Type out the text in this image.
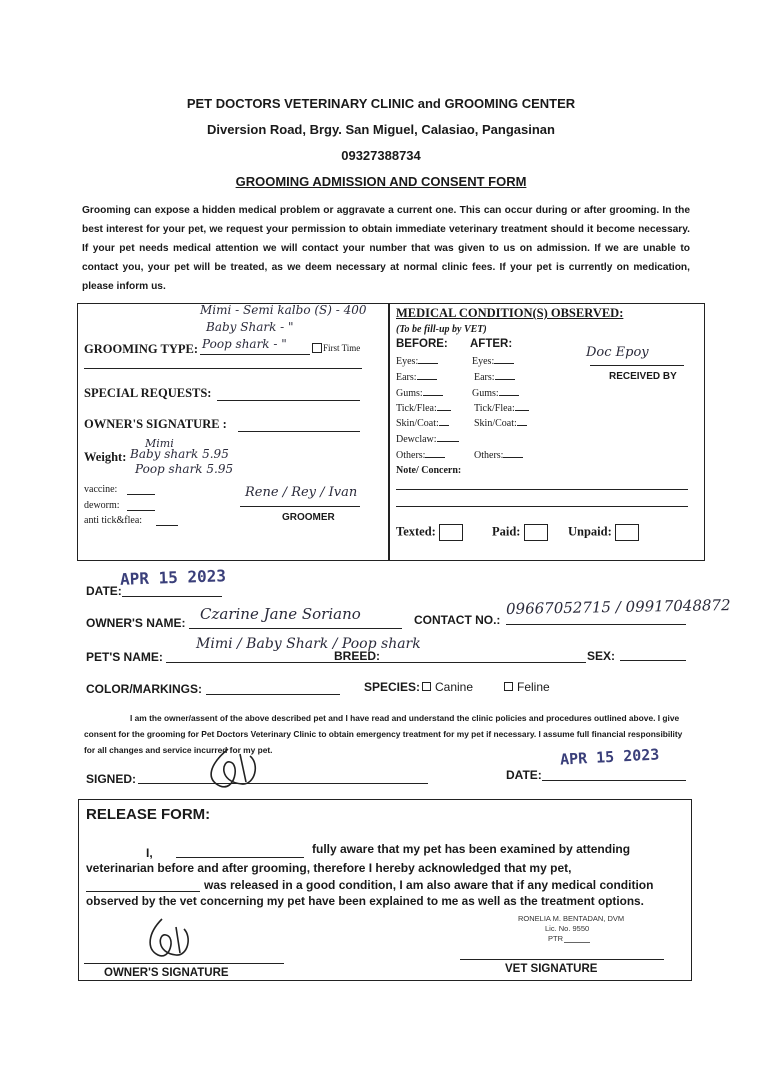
PET DOCTORS VETERINARY CLINIC and GROOMING CENTER
Diversion Road, Brgy. San Miguel, Calasiao, Pangasinan
09327388734
GROOMING ADMISSION AND CONSENT FORM
Grooming can expose a hidden medical problem or aggravate a current one. This can occur during or after grooming. In the best interest for your pet, we request your permission to obtain immediate veterinary treatment should it become necessary. If your pet needs medical attention we will contact your number that was given to us on admission. If we are unable to contact you, your pet will be treated, as we deem necessary at normal clinic fees. If your pet is currently on medication, please inform us.
Mimi - Semi kalbo (S) - 400
Baby Shark - "
Poop shark - "
GROOMING TYPE:	First Time
SPECIAL REQUESTS:
OWNER'S SIGNATURE :
Mimi
Weight: Baby shark 5.95
Poop shark 5.95
vaccine:
deworm:
anti tick&flea:
Rene / Rey / Ivan
GROOMER
MEDICAL CONDITION(S) OBSERVED:
(To be fill-up by VET)
BEFORE: AFTER:
Eyes:	Eyes:
Ears:	Ears:
Gums:	Gums:
Tick/Flea:	Tick/Flea:
Skin/Coat:	Skin/Coat:
Dewclaw:
Others:	Others:
Note/ Concern:
Doc Epoy
RECEIVED BY
Texted:	Paid:	Unpaid:
DATE:
APR 15 2023
OWNER'S NAME: Czarine Jane Soriano	CONTACT NO.:
09667052715 / 09917048872
PET'S NAME:
Mimi / Baby Shark / Poop shark
BREED:	SEX:
COLOR/MARKINGS:	SPECIES:	Canine	Feline
I am the owner/assent of the above described pet and I have read and understand the clinic policies and procedures outlined above. I give consent for the grooming for Pet Doctors Veterinary Clinic to obtain emergency treatment for my pet if necessary. I assume full financial responsibility for all changes and service incurred for my pet.
SIGNED:	DATE:
APR 15 2023
RELEASE FORM:
I,	fully aware that my pet has been examined by attending
veterinarian before and after grooming, therefore I hereby acknowledged that my pet,
was released in a good condition, I am also aware that if any medical condition
observed by the vet concerning my pet have been explained to me as well as the treatment options.
RONELIA M. BENTADAN, DVM
Lic. No. 9550
PTR
OWNER'S SIGNATURE	VET SIGNATURE
